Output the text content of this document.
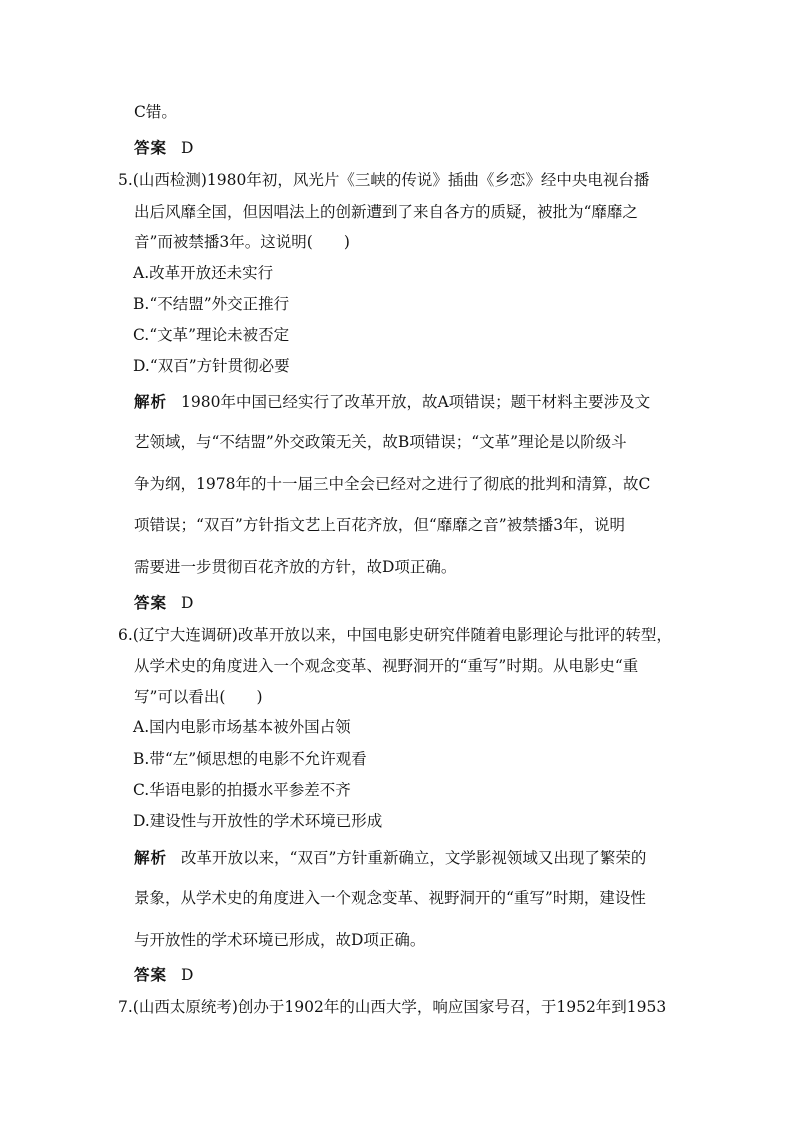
C错。
答案 D
5.(山西检测)1980年初，风光片《三峡的传说》插曲《乡恋》经中央电视台播
出后风靡全国，但因唱法上的创新遭到了来自各方的质疑，被批为“靡靡之
音”而被禁播3年。这说明(　　)
A.改革开放还未实行
B.“不结盟”外交正推行
C.“文革”理论未被否定
D.“双百”方针贯彻必要
解析 1980年中国已经实行了改革开放，故A项错误；题干材料主要涉及文
艺领域，与“不结盟”外交政策无关，故B项错误；“文革”理论是以阶级斗
争为纲，1978年的十一届三中全会已经对之进行了彻底的批判和清算，故C
项错误；“双百”方针指文艺上百花齐放，但“靡靡之音”被禁播3年，说明
需要进一步贯彻百花齐放的方针，故D项正确。
答案 D
6.(辽宁大连调研)改革开放以来，中国电影史研究伴随着电影理论与批评的转型，
从学术史的角度进入一个观念变革、视野洞开的“重写”时期。从电影史“重
写”可以看出(　　)
A.国内电影市场基本被外国占领
B.带“左”倾思想的电影不允许观看
C.华语电影的拍摄水平参差不齐
D.建设性与开放性的学术环境已形成
解析 改革开放以来，“双百”方针重新确立，文学影视领域又出现了繁荣的
景象，从学术史的角度进入一个观念变革、视野洞开的“重写”时期，建设性
与开放性的学术环境已形成，故D项正确。
答案 D
7.(山西太原统考)创办于1902年的山西大学，响应国家号召，于1952年到1953
